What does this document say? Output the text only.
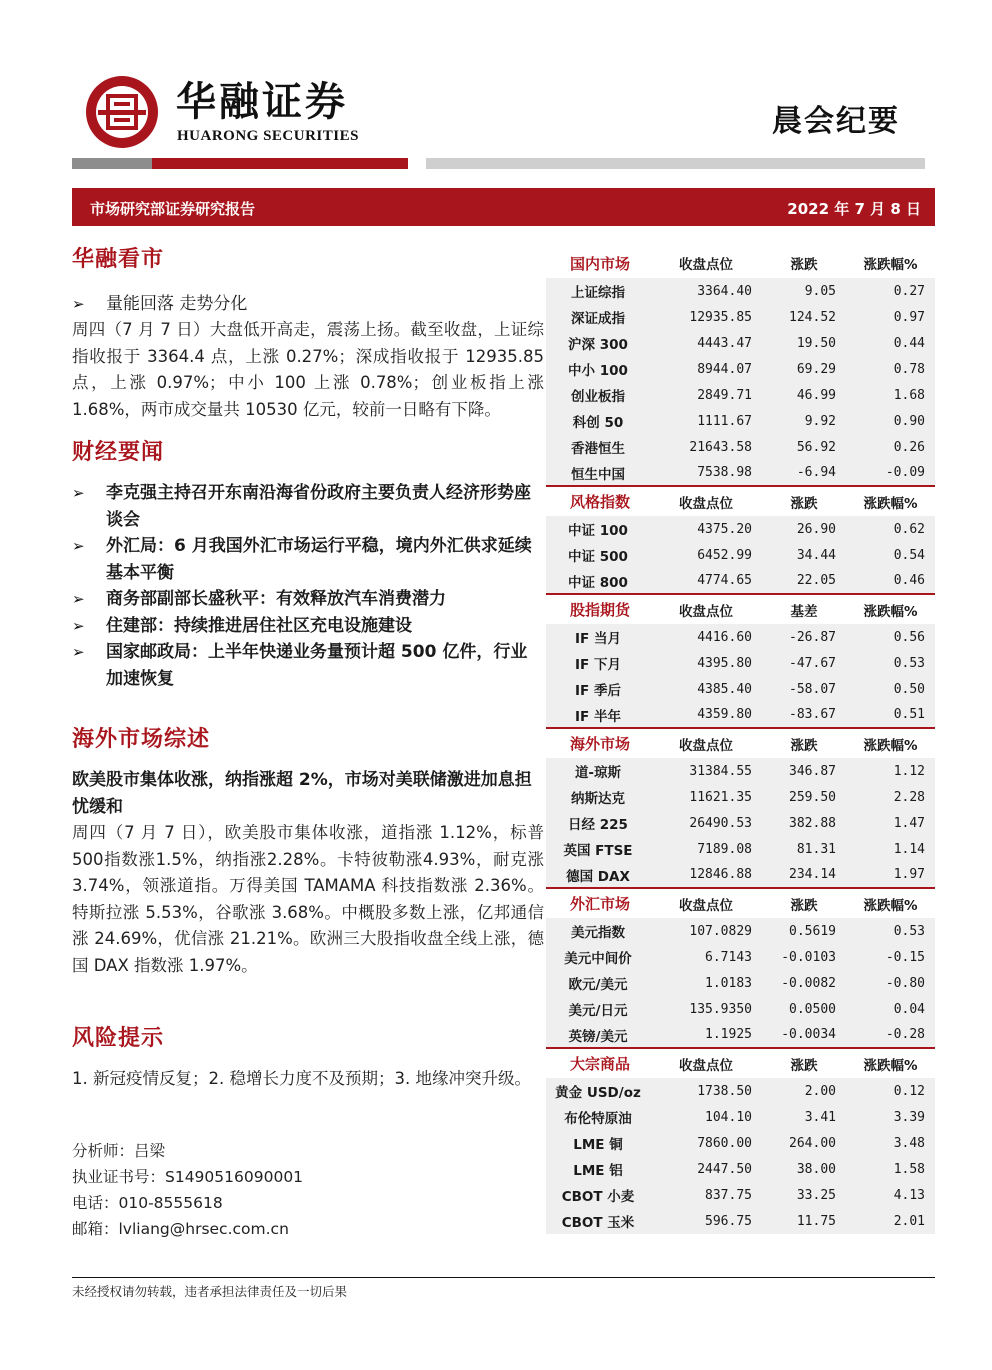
华融证券
HUARONG SECURITIES	晨会纪要
市场研究部证券研究报告	2022 年 7 月 8 日
华融看市
➢	量能回落 走势分化
周四（7 月 7 日）大盘低开高走，震荡上扬。截至收盘，上证综指收报于 3364.4 点，上涨 0.27%；深成指收报于 12935.85 点，上涨 0.97%；中小 100 上涨 0.78%；创业板指上涨 1.68%，两市成交量共 10530 亿元，较前一日略有下降。
财经要闻
➢	李克强主持召开东南沿海省份政府主要负责人经济形势座谈会
➢	外汇局：6 月我国外汇市场运行平稳，境内外汇供求延续基本平衡
➢	商务部副部长盛秋平：有效释放汽车消费潜力
➢	住建部：持续推进居住社区充电设施建设
➢	国家邮政局：上半年快递业务量预计超 500 亿件，行业加速恢复
海外市场综述
欧美股市集体收涨，纳指涨超 2%，市场对美联储激进加息担忧缓和
周四（7 月 7 日），欧美股市集体收涨，道指涨 1.12%，标普500指数涨1.5%，纳指涨2.28%。卡特彼勒涨4.93%，耐克涨 3.74%，领涨道指。万得美国 TAMAMA 科技指数涨 2.36%。特斯拉涨 5.53%，谷歌涨 3.68%。中概股多数上涨，亿邦通信涨 24.69%，优信涨 21.21%。欧洲三大股指收盘全线上涨，德国 DAX 指数涨 1.97%。
风险提示
1. 新冠疫情反复；2. 稳增长力度不及预期；3. 地缘冲突升级。
分析师：吕梁
执业证书号：S1490516090001
电话：010-8555618
邮箱：lvliang@hrsec.com.cn
国内市场	收盘点位	涨跌	涨跌幅%
上证综指	3364.40	9.05	0.27
深证成指	12935.85	124.52	0.97
沪深 300	4443.47	19.50	0.44
中小 100	8944.07	69.29	0.78
创业板指	2849.71	46.99	1.68
科创 50	1111.67	9.92	0.90
香港恒生	21643.58	56.92	0.26
恒生中国	7538.98	-6.94	-0.09
风格指数	收盘点位	涨跌	涨跌幅%
中证 100	4375.20	26.90	0.62
中证 500	6452.99	34.44	0.54
中证 800	4774.65	22.05	0.46
股指期货	收盘点位	基差	涨跌幅%
IF 当月	4416.60	-26.87	0.56
IF 下月	4395.80	-47.67	0.53
IF 季后	4385.40	-58.07	0.50
IF 半年	4359.80	-83.67	0.51
海外市场	收盘点位	涨跌	涨跌幅%
道-琼斯	31384.55	346.87	1.12
纳斯达克	11621.35	259.50	2.28
日经 225	26490.53	382.88	1.47
英国 FTSE	7189.08	81.31	1.14
德国 DAX	12846.88	234.14	1.97
外汇市场	收盘点位	涨跌	涨跌幅%
美元指数	107.0829	0.5619	0.53
美元中间价	6.7143	-0.0103	-0.15
欧元/美元	1.0183	-0.0082	-0.80
美元/日元	135.9350	0.0500	0.04
英镑/美元	1.1925	-0.0034	-0.28
大宗商品	收盘点位	涨跌	涨跌幅%
黄金 USD/oz	1738.50	2.00	0.12
布伦特原油	104.10	3.41	3.39
LME 铜	7860.00	264.00	3.48
LME 铝	2447.50	38.00	1.58
CBOT 小麦	837.75	33.25	4.13
CBOT 玉米	596.75	11.75	2.01
未经授权请勿转载，违者承担法律责任及一切后果
